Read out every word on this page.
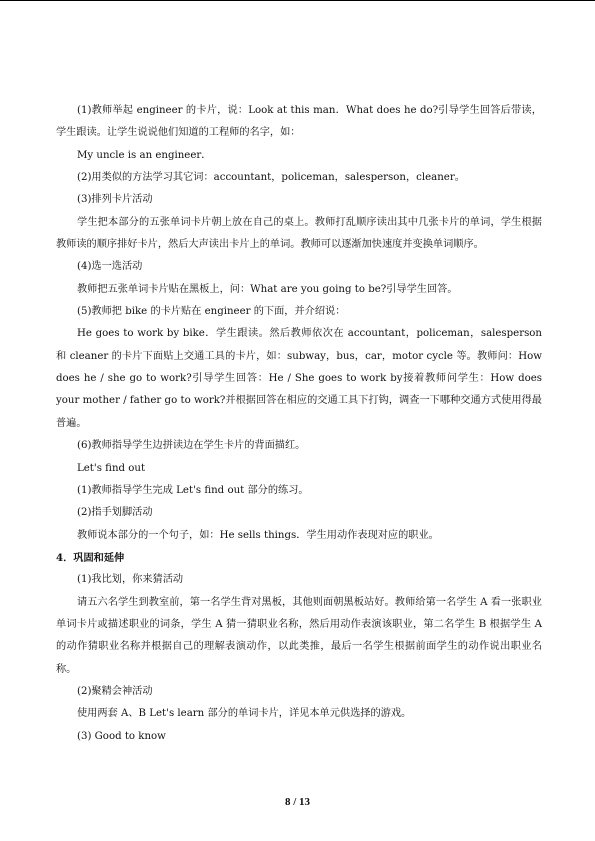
(1)教师举起 engineer 的卡片，说：Look at this man．What does he do?引导学生回答后带读，学生跟读。让学生说说他们知道的工程师的名字，如：

My uncle is an engineer．

(2)用类似的方法学习其它词：accountant，policeman，salesperson，cleaner。

(3)排列卡片活动

学生把本部分的五张单词卡片朝上放在自己的桌上。教师打乱顺序读出其中几张卡片的单词，学生根据教师读的顺序排好卡片，然后大声读出卡片上的单词。教师可以逐渐加快速度并变换单词顺序。

(4)选一选活动

教师把五张单词卡片贴在黑板上，问：What are you going to be?引导学生回答。

(5)教师把 bike 的卡片贴在 engineer 的下面，并介绍说：

He goes to work by bike．学生跟读。然后教师依次在 accountant，policeman，salesperson 和 cleaner 的卡片下面贴上交通工具的卡片，如：subway，bus，car，motor cycle 等。教师问：How does he / she go to work?引导学生回答：He / She goes to work by接着教师问学生：How does your mother / father go to work?并根据回答在相应的交通工具下打钩，调查一下哪种交通方式使用得最普遍。

(6)教师指导学生边拼读边在学生卡片的背面描红。

Let's find out

(1)教师指导学生完成 Let's find out 部分的练习。

(2)指手划脚活动

教师说本部分的一个句子，如：He sells things．学生用动作表现对应的职业。

4．巩固和延伸

(1)我比划，你来猜活动

请五六名学生到教室前，第一名学生背对黑板，其他则面朝黑板站好。教师给第一名学生 A 看一张职业单词卡片或描述职业的词条，学生 A 猜一猜职业名称，然后用动作表演该职业，第二名学生 B 根据学生 A 的动作猜职业名称并根据自己的理解表演动作，以此类推，最后一名学生根据前面学生的动作说出职业名称。

(2)聚精会神活动

使用两套 A、B Let's learn 部分的单词卡片，详见本单元供选择的游戏。

(3) Good to know

8 / 13
